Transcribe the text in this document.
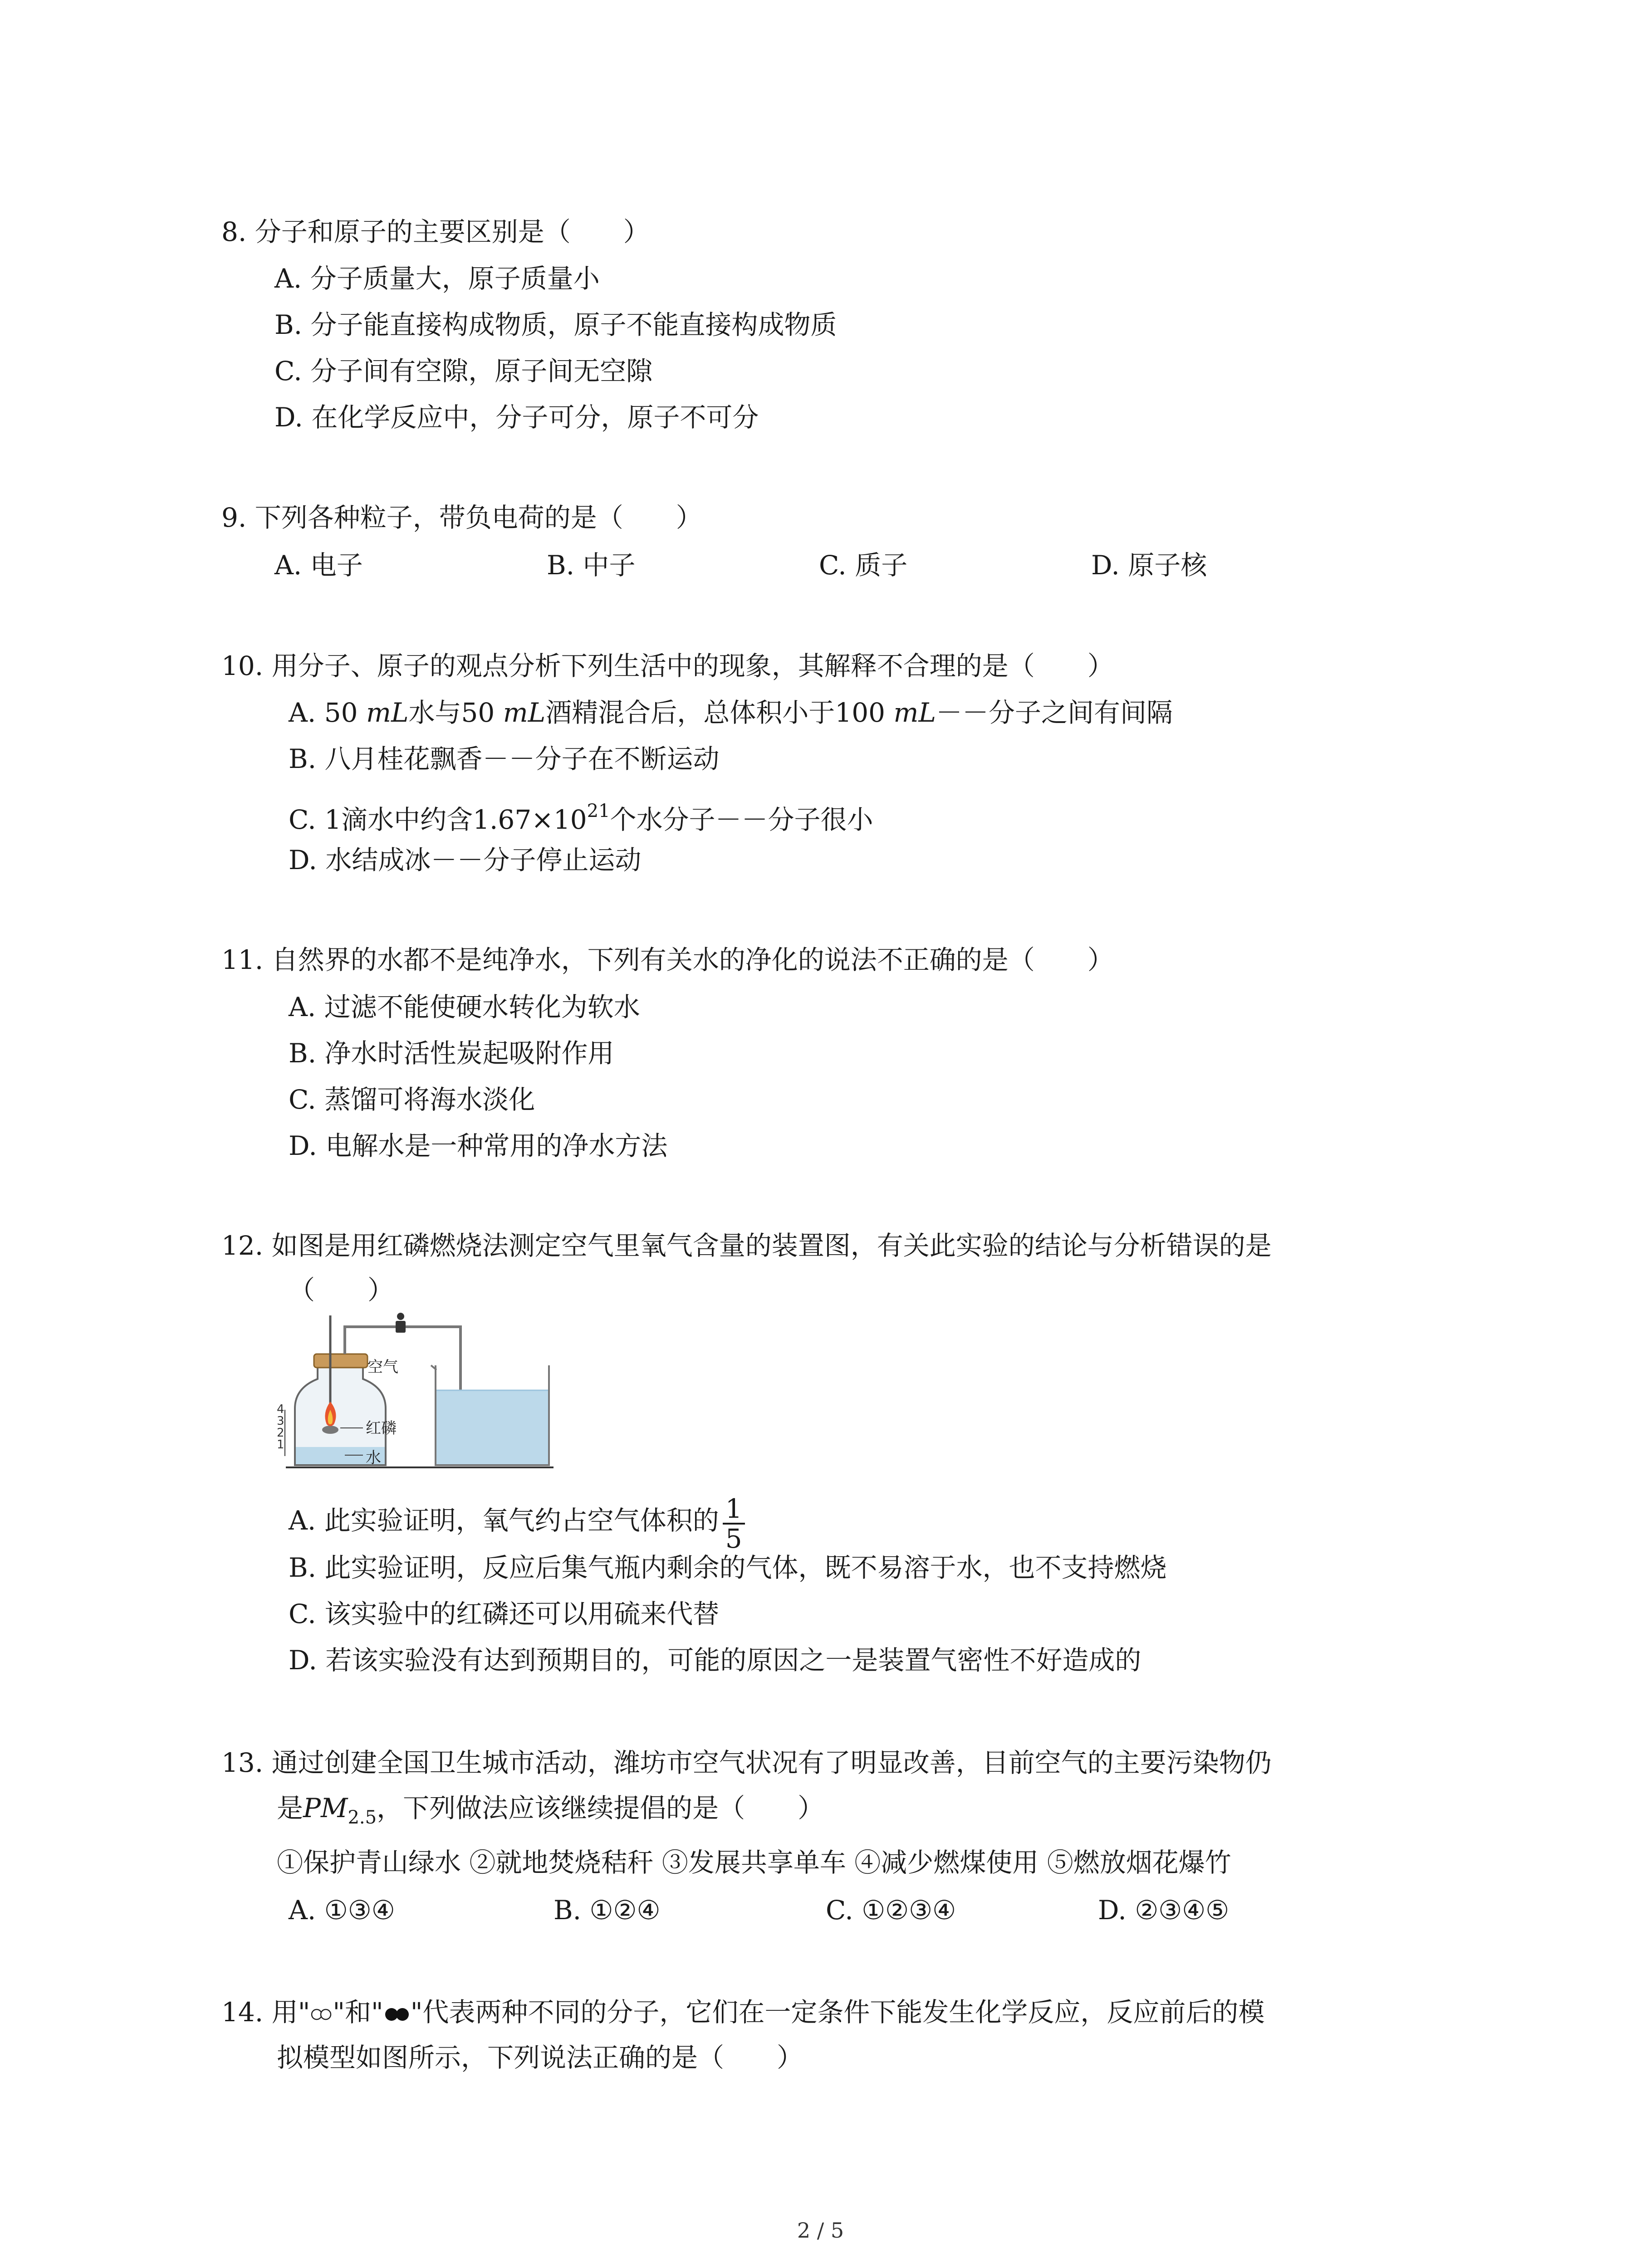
8. 分子和原子的主要区别是（　　）
A. 分子质量大，原子质量小
B. 分子能直接构成物质，原子不能直接构成物质
C. 分子间有空隙，原子间无空隙
D. 在化学反应中，分子可分，原子不可分
9. 下列各种粒子，带负电荷的是（　　）
A. 电子	B. 中子	C. 质子	D. 原子核
10. 用分子、原子的观点分析下列生活中的现象，其解释不合理的是（　　）
A. 50 mL水与50 mL酒精混合后，总体积小于100 mL－－分子之间有间隔
B. 八月桂花飘香－－分子在不断运动
C. 1滴水中约含$1.67\times 10^{21}$个水分子－－分子很小
D. 水结成冰－－分子停止运动
11. 自然界的水都不是纯净水，下列有关水的净化的说法不正确的是（　　）
A. 过滤不能使硬水转化为软水
B. 净水时活性炭起吸附作用
C. 蒸馏可将海水淡化
D. 电解水是一种常用的净水方法
12. 如图是用红磷燃烧法测定空气里氧气含量的装置图，有关此实验的结论与分析错误的是
（　　）
4
3
2
1
空气
红磷
水
A. 此实验证明，氧气约占空气体积的 $\frac{1}{5}$
B. 此实验证明，反应后集气瓶内剩余的气体，既不易溶于水，也不支持燃烧
C. 该实验中的红磷还可以用硫来代替
D. 若该实验没有达到预期目的，可能的原因之一是装置气密性不好造成的
13. 通过创建全国卫生城市活动，潍坊市空气状况有了明显改善，目前空气的主要污染物仍
是$PM_{2.5}$，下列做法应该继续提倡的是（　　）
①保护青山绿水 ②就地焚烧秸秆 ③发展共享单车 ④减少燃煤使用 ⑤燃放烟花爆竹
A. ①③④	B. ①②④	C. ①②③④	D. ②③④⑤
14. 用" "和" "代表两种不同的分子，它们在一定条件下能发生化学反应，反应前后的模
拟模型如图所示，下列说法正确的是（　　）
2 / 5
